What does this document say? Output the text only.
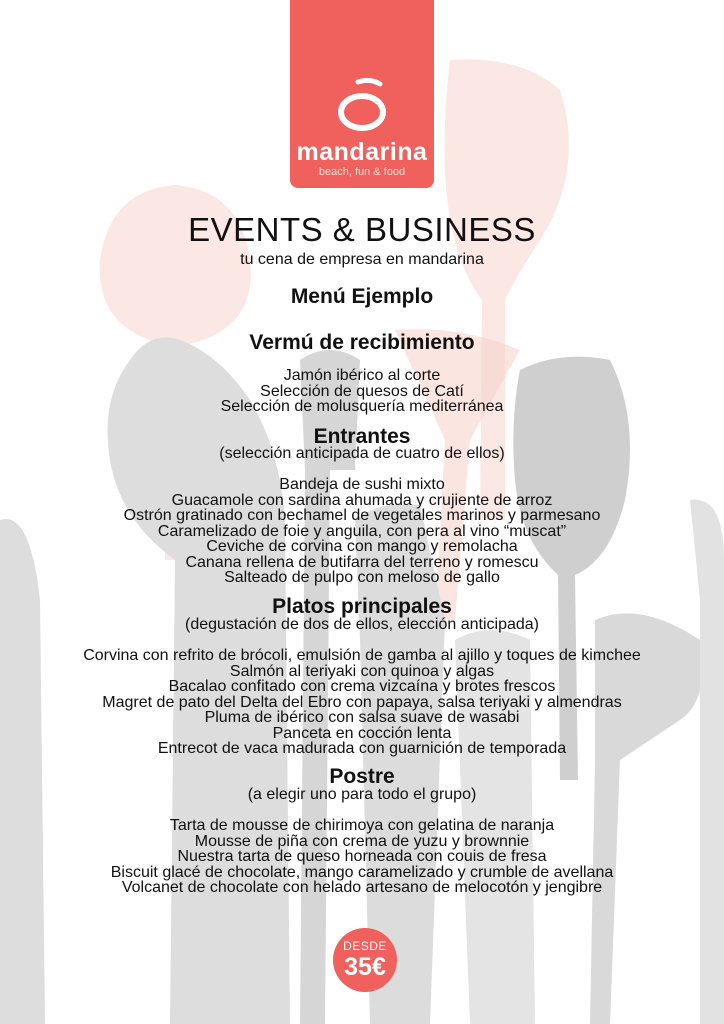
mandarina
beach, fun & food
EVENTS & BUSINESS
tu cena de empresa en mandarina
Menú Ejemplo
Vermú de recibimiento
Jamón ibérico al corte
Selección de quesos de Catí
Selección de molusquería mediterránea
Entrantes
(selección anticipada de cuatro de ellos)
Bandeja de sushi mixto
Guacamole con sardina ahumada y crujiente de arroz
Ostrón gratinado con bechamel de vegetales marinos y parmesano
Caramelizado de foie y anguila, con pera al vino “muscat”
Ceviche de corvina con mango y remolacha
Canana rellena de butifarra del terreno y romescu
Salteado de pulpo con meloso de gallo
Platos principales
(degustación de dos de ellos, elección anticipada)
Corvina con refrito de brócoli, emulsión de gamba al ajillo y toques de kimchee
Salmón al teriyaki con quinoa y algas
Bacalao confitado con crema vizcaína y brotes frescos
Magret de pato del Delta del Ebro con papaya, salsa teriyaki y almendras
Pluma de ibérico con salsa suave de wasabi
Panceta en cocción lenta
Entrecot de vaca madurada con guarnición de temporada
Postre
(a elegir uno para todo el grupo)
Tarta de mousse de chirimoya con gelatina de naranja
Mousse de piña con crema de yuzu y brownnie
Nuestra tarta de queso horneada con couis de fresa
Biscuit glacé de chocolate, mango caramelizado y crumble de avellana
Volcanet de chocolate con helado artesano de melocotón y jengibre
DESDE
35€
